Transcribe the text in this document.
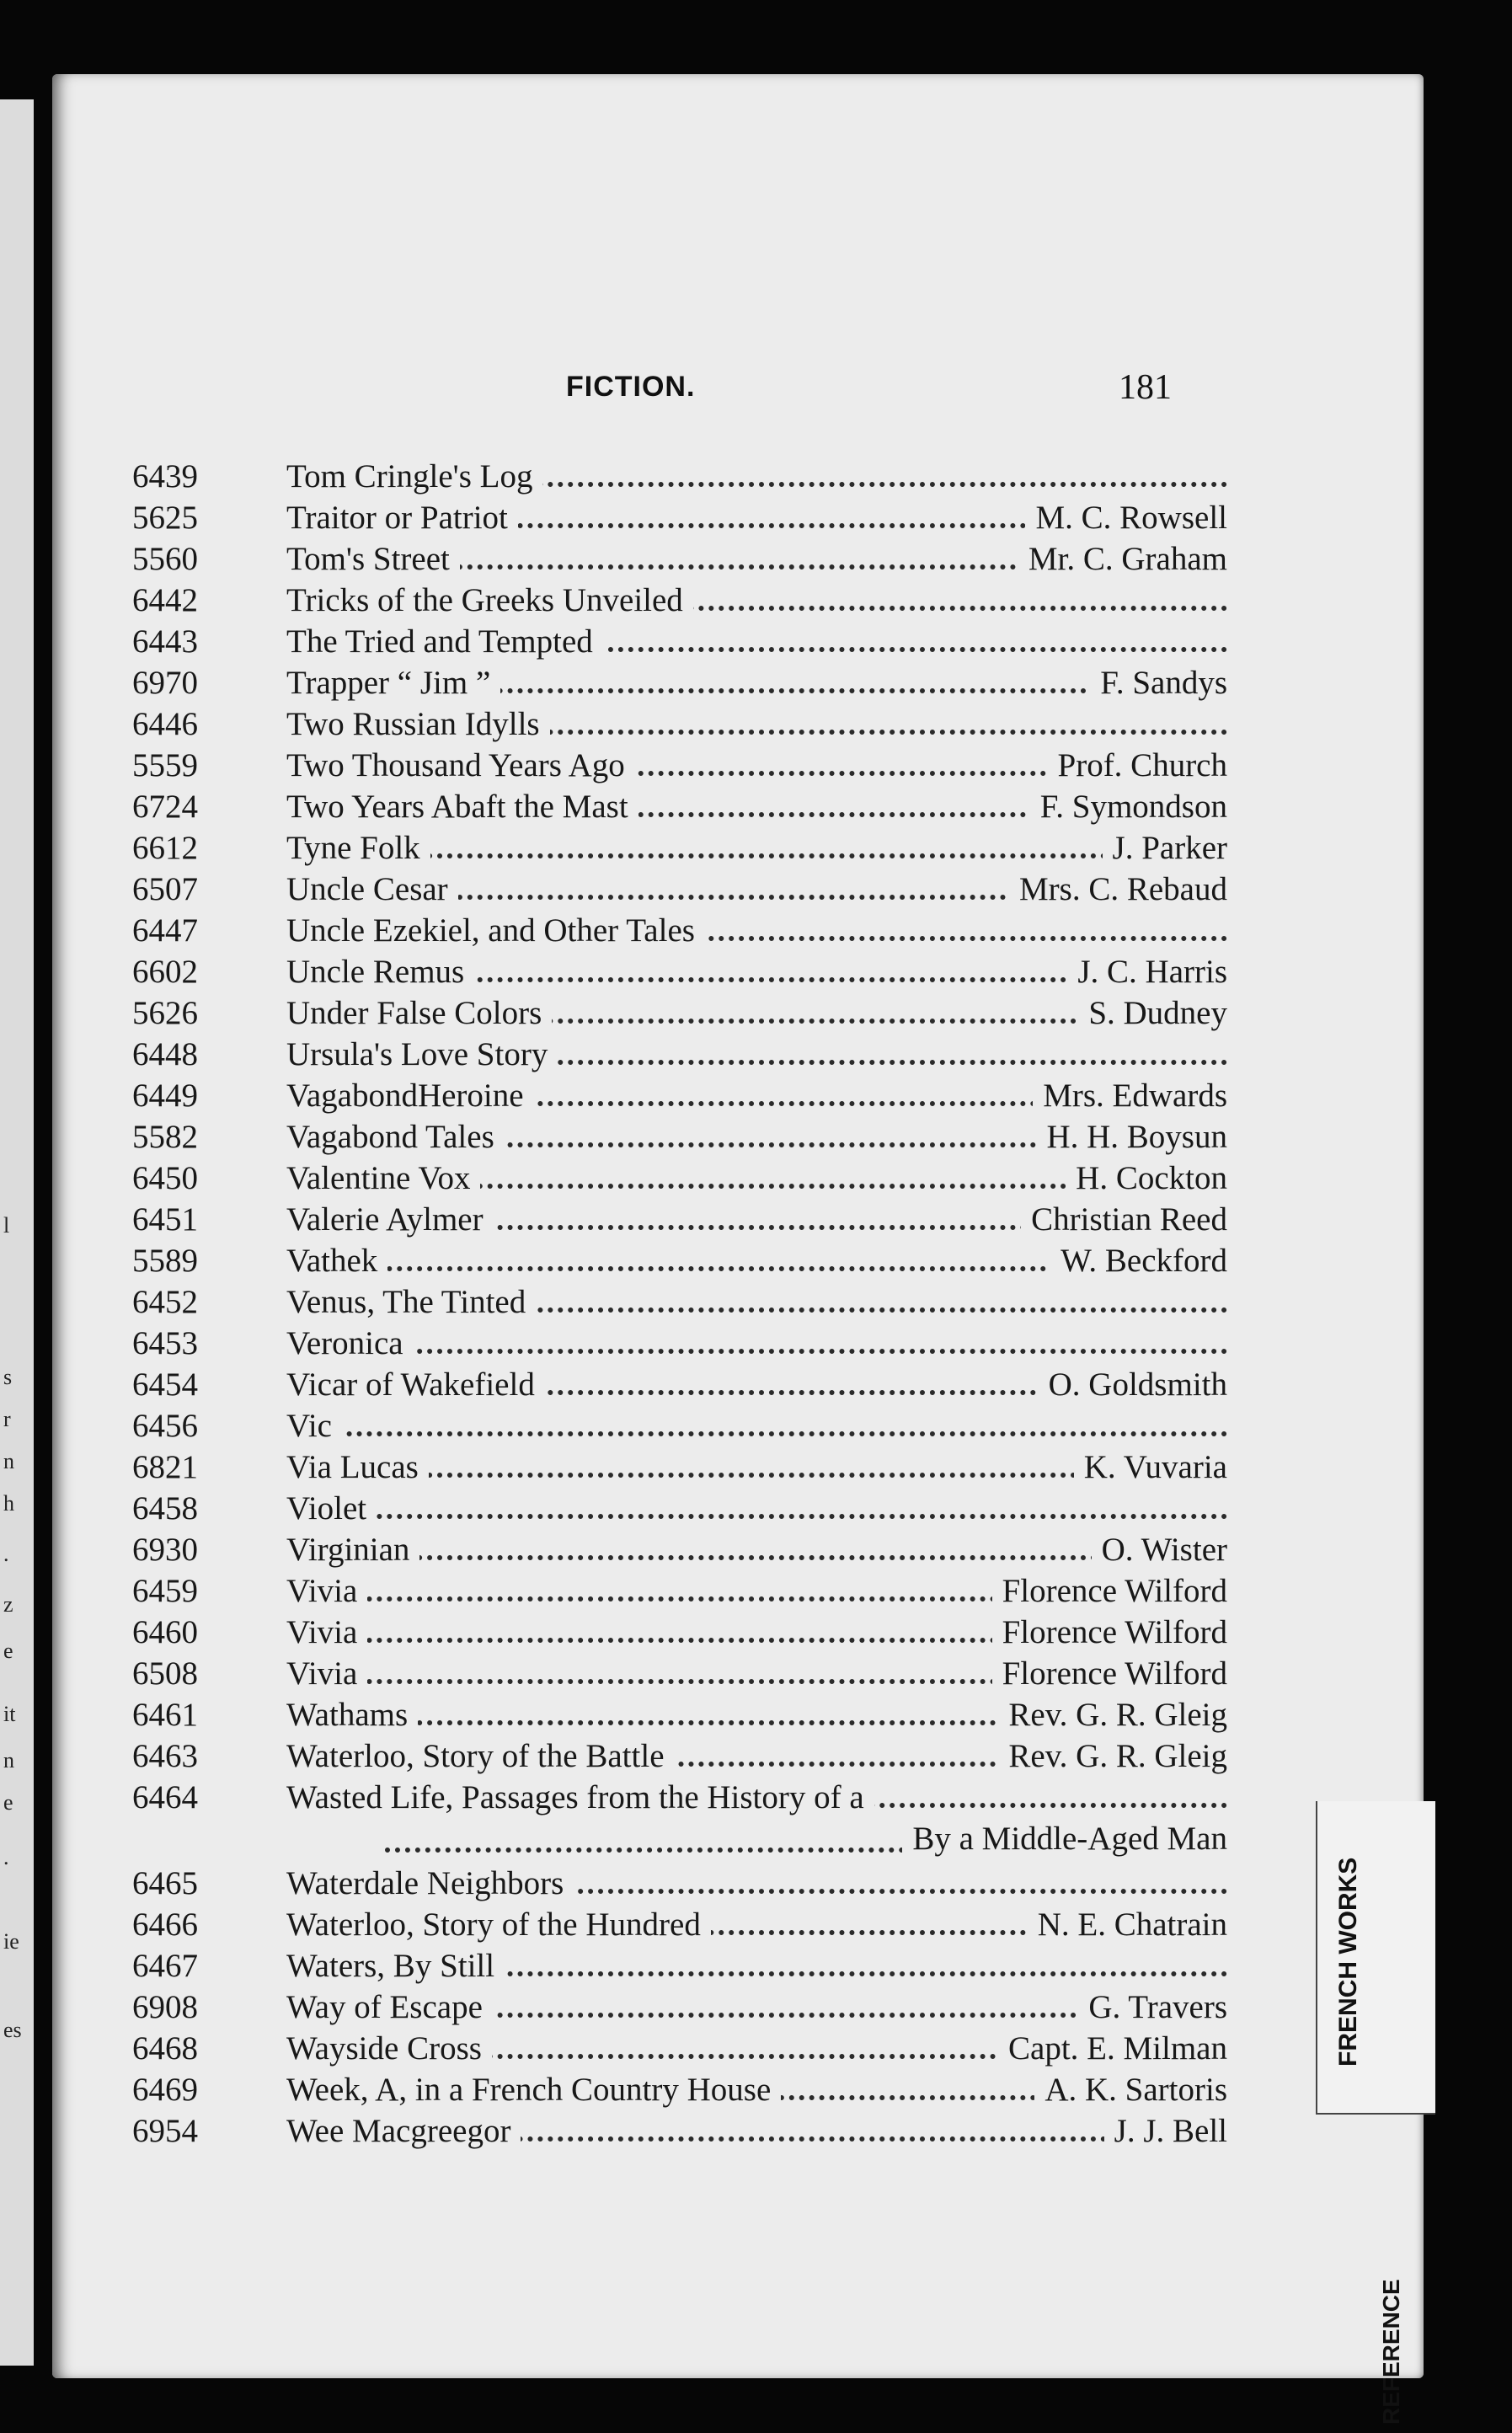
l
s
r
n
h
.
z
e
it
n
e
.
ie
es
FICTION.	181
6439	Tom Cringle's Log
5625	Traitor or Patriot	M. C. Rowsell
5560	Tom's Street	Mr. C. Graham
6442	Tricks of the Greeks Unveiled
6443	The Tried and Tempted
6970	Trapper “ Jim ”	F. Sandys
6446	Two Russian Idylls
5559	Two Thousand Years Ago	Prof. Church
6724	Two Years Abaft the Mast	F. Symondson
6612	Tyne Folk	J. Parker
6507	Uncle Cesar	Mrs. C. Rebaud
6447	Uncle Ezekiel, and Other Tales
6602	Uncle Remus	J. C. Harris
5626	Under False Colors	S. Dudney
6448	Ursula's Love Story
6449	VagabondHeroine	Mrs. Edwards
5582	Vagabond Tales	H. H. Boysun
6450	Valentine Vox	H. Cockton
6451	Valerie Aylmer	Christian Reed
5589	Vathek	W. Beckford
6452	Venus, The Tinted
6453	Veronica
6454	Vicar of Wakefield	O. Goldsmith
6456	Vic
6821	Via Lucas	K. Vuvaria
6458	Violet
6930	Virginian	O. Wister
6459	Vivia	Florence Wilford
6460	Vivia	Florence Wilford
6508	Vivia	Florence Wilford
6461	Wathams	Rev. G. R. Gleig
6463	Waterloo, Story of the Battle	Rev. G. R. Gleig
6464	Wasted Life, Passages from the History of a
By a Middle-Aged Man
6465	Waterdale Neighbors
6466	Waterloo, Story of the Hundred	N. E. Chatrain
6467	Waters, By Still
6908	Way of Escape	G. Travers
6468	Wayside Cross	Capt. E. Milman
6469	Week, A, in a French Country House	A. K. Sartoris
6954	Wee Macgreegor	J. J. Bell
FRENCH WORKS
REFERENCE
